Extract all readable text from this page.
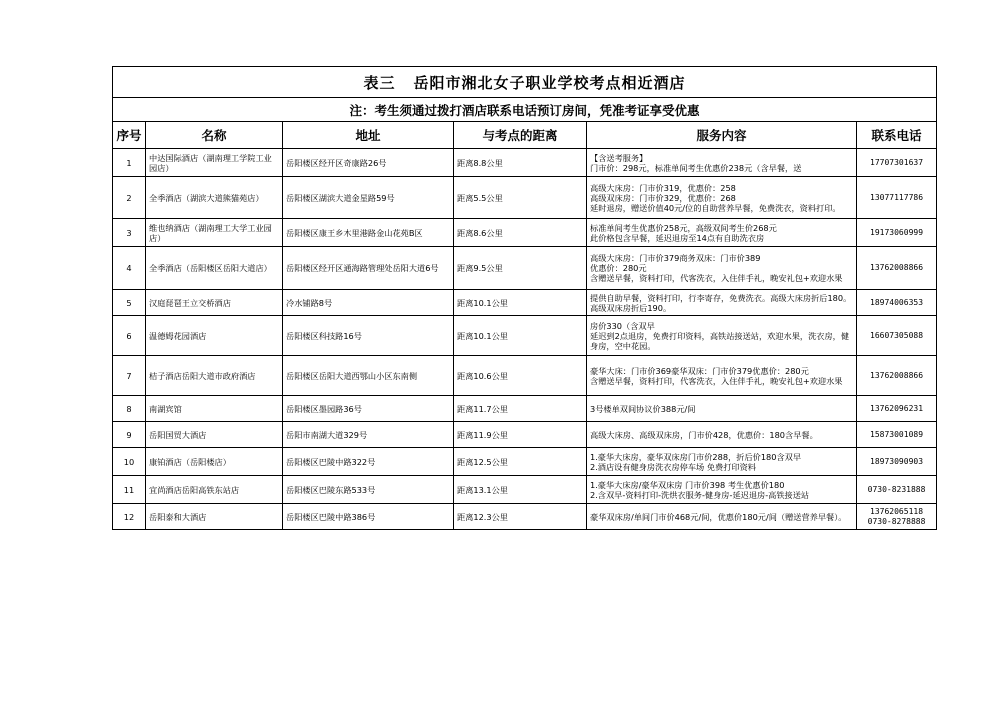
表三 岳阳市湘北女子职业学校考点相近酒店					
注：考生须通过拨打酒店联系电话预订房间，凭准考证享受优惠					
序号	名称	地址	与考点的距离	服务内容	联系电话
1	中达国际酒店（湖南理工学院工业园店）	岳阳楼区经开区奇康路26号	距离8.8公里	【含送考服务】
门市价：298元，标准单间考生优惠价238元（含早餐，送	17707301637
2	全季酒店（湖滨大道熊猫苑店）	岳阳楼区湖滨大道金星路59号	距离5.5公里	高级大床房：门市价319，优惠价：258
高级双床房：门市价329，优惠价：268
延时退房，赠送价值40元/位的自助营养早餐，免费洗衣，资料打印。	13077117786
3	维也纳酒店（湖南理工大学工业园店）	岳阳楼区康王乡木里港路金山花苑B区	距离8.6公里	标准单间考生优惠价258元，高级双间考生价268元
此价格包含早餐，延迟退房至14点有自助洗衣房	19173060999
4	全季酒店（岳阳楼区岳阳大道店）	岳阳楼区经开区通海路管理处岳阳大道6号	距离9.5公里	高级大床房：门市价379商务双床：门市价389
优惠价：280元
含赠送早餐，资料打印，代客洗衣，入住伴手礼，晚安礼包+欢迎水果	13762008866
5	汉庭琵琶王立交桥酒店	冷水铺路8号	距离10.1公里	提供自助早餐，资料打印，行李寄存，免费洗衣。高级大床房折后180。高级双床房折后190。	18974006353
6	温德姆花园酒店	岳阳楼区科技路16号	距离10.1公里	房价330（含双早
延迟到2点退房，免费打印资料，高铁站接送站，欢迎水果，洗衣房，健身房，空中花园。	16607305088
7	桔子酒店岳阳大道市政府酒店	岳阳楼区岳阳大道西鄂山小区东南侧	距离10.6公里	豪华大床：门市价369豪华双床：门市价379优惠价：280元
含赠送早餐，资料打印，代客洗衣，入住伴手礼，晚安礼包+欢迎水果	13762008866
8	南湖宾馆	岳阳楼区墨园路36号	距离11.7公里	3号楼单双间协议价388元/间	13762096231
9	岳阳国贸大酒店	岳阳市南湖大道329号	距离11.9公里	高级大床房、高级双床房，门市价428，优惠价：180含早餐。	15873001089
10	康铂酒店（岳阳楼店）	岳阳楼区巴陵中路322号	距离12.5公里	1.豪华大床房，豪华双床房门市价288，折后价180含双早
2.酒店设有健身房洗衣房停车场 免费打印资料	18973090903
11	宜尚酒店岳阳高铁东站店	岳阳楼区巴陵东路533号	距离13.1公里	1.豪华大床房/豪华双床房 门市价398 考生优惠价180
2.含双早-资料打印-洗烘衣服务-健身房-延迟退房-高铁接送站	0730-8231888
12	岳阳泰和大酒店	岳阳楼区巴陵中路386号	距离12.3公里	豪华双床房/单间门市价468元/间，优惠价180元/间（赠送营养早餐）。	13762065118
0730-8278888
